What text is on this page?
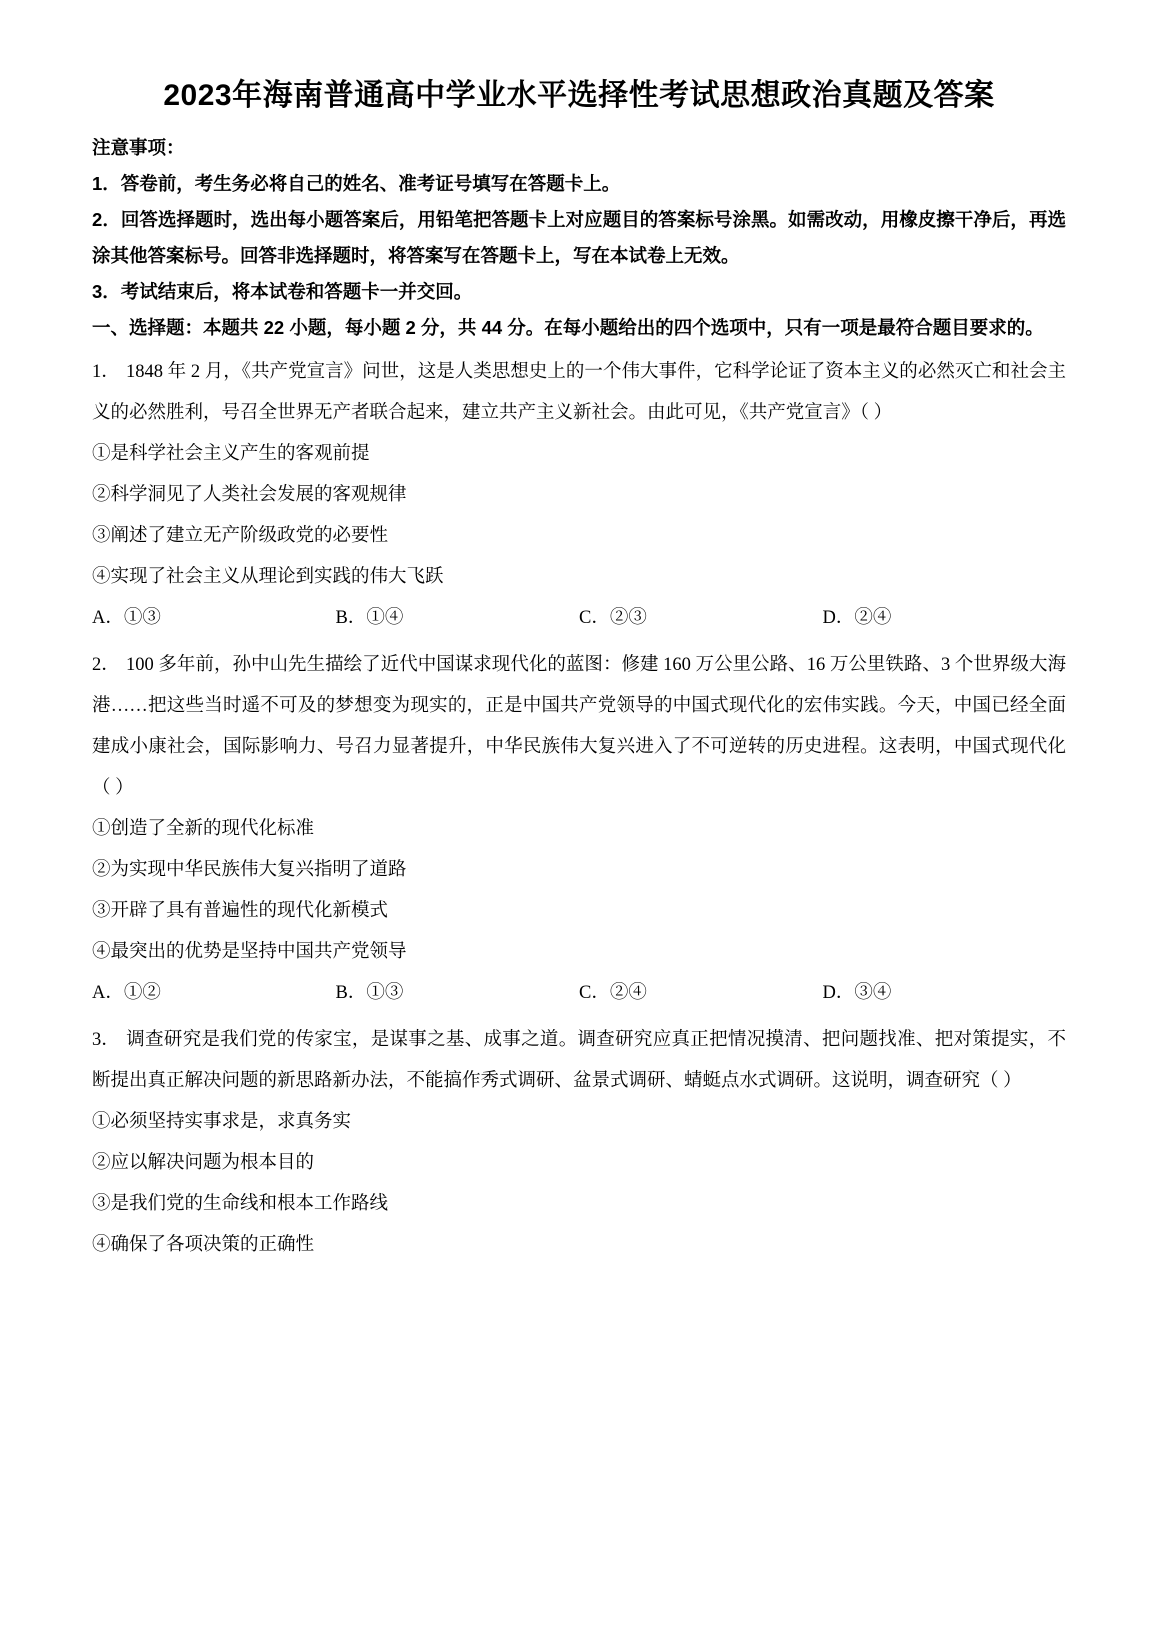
2023年海南普通高中学业水平选择性考试思想政治真题及答案

注意事项：

1．答卷前，考生务必将自己的姓名、准考证号填写在答题卡上。

2．回答选择题时，选出每小题答案后，用铅笔把答题卡上对应题目的答案标号涂黑。如需改动，用橡皮擦干净后，再选涂其他答案标号。回答非选择题时，将答案写在答题卡上，写在本试卷上无效。

3．考试结束后，将本试卷和答题卡一并交回。

一、选择题：本题共 22 小题，每小题 2 分，共 44 分。在每小题给出的四个选项中，只有一项是最符合题目要求的。

1． 1848 年 2 月，《共产党宣言》问世，这是人类思想史上的一个伟大事件，它科学论证了资本主义的必然灭亡和社会主义的必然胜利，号召全世界无产者联合起来，建立共产主义新社会。由此可见，《共产党宣言》（ ）

①是科学社会主义产生的客观前提

②科学洞见了人类社会发展的客观规律

③阐述了建立无产阶级政党的必要性

④实现了社会主义从理论到实践的伟大飞跃

A．①③	B．①④	C．②③	D．②④

2． 100 多年前，孙中山先生描绘了近代中国谋求现代化的蓝图：修建 160 万公里公路、16 万公里铁路、3 个世界级大海港……把这些当时遥不可及的梦想变为现实的，正是中国共产党领导的中国式现代化的宏伟实践。今天，中国已经全面建成小康社会，国际影响力、号召力显著提升，中华民族伟大复兴进入了不可逆转的历史进程。这表明，中国式现代化（ ）

①创造了全新的现代化标准

②为实现中华民族伟大复兴指明了道路

③开辟了具有普遍性的现代化新模式

④最突出的优势是坚持中国共产党领导

A．①②	B．①③	C．②④	D．③④

3． 调查研究是我们党的传家宝，是谋事之基、成事之道。调查研究应真正把情况摸清、把问题找准、把对策提实，不断提出真正解决问题的新思路新办法，不能搞作秀式调研、盆景式调研、蜻蜓点水式调研。这说明，调查研究（ ）

①必须坚持实事求是，求真务实

②应以解决问题为根本目的

③是我们党的生命线和根本工作路线

④确保了各项决策的正确性
